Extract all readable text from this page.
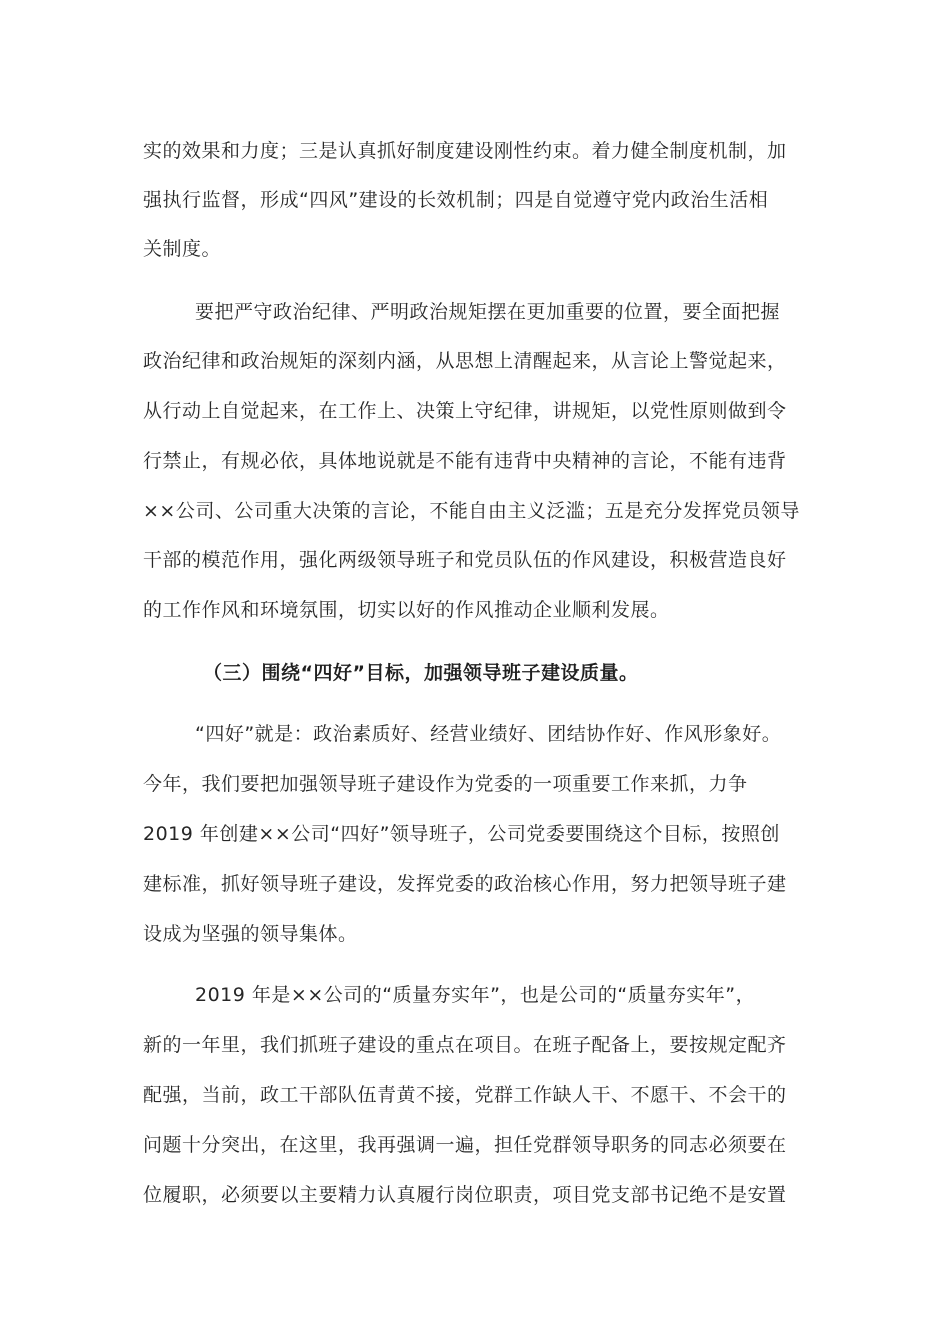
实的效果和力度；三是认真抓好制度建设刚性约束。着力健全制度机制，加
强执行监督，形成“四风”建设的长效机制；四是自觉遵守党内政治生活相
关制度。
要把严守政治纪律、严明政治规矩摆在更加重要的位置，要全面把握
政治纪律和政治规矩的深刻内涵，从思想上清醒起来，从言论上警觉起来，
从行动上自觉起来，在工作上、决策上守纪律，讲规矩，以党性原则做到令
行禁止，有规必依，具体地说就是不能有违背中央精神的言论，不能有违背
××公司、公司重大决策的言论，不能自由主义泛滥；五是充分发挥党员领导
干部的模范作用，强化两级领导班子和党员队伍的作风建设，积极营造良好
的工作作风和环境氛围，切实以好的作风推动企业顺利发展。
（三）围绕“四好”目标，加强领导班子建设质量。
“四好”就是：政治素质好、经营业绩好、团结协作好、作风形象好。
今年，我们要把加强领导班子建设作为党委的一项重要工作来抓，力争
2019 年创建××公司“四好”领导班子，公司党委要围绕这个目标，按照创
建标准，抓好领导班子建设，发挥党委的政治核心作用，努力把领导班子建
设成为坚强的领导集体。
2019 年是××公司的“质量夯实年”，也是公司的“质量夯实年”，
新的一年里，我们抓班子建设的重点在项目。在班子配备上，要按规定配齐
配强，当前，政工干部队伍青黄不接，党群工作缺人干、不愿干、不会干的
问题十分突出，在这里，我再强调一遍，担任党群领导职务的同志必须要在
位履职，必须要以主要精力认真履行岗位职责，项目党支部书记绝不是安置
